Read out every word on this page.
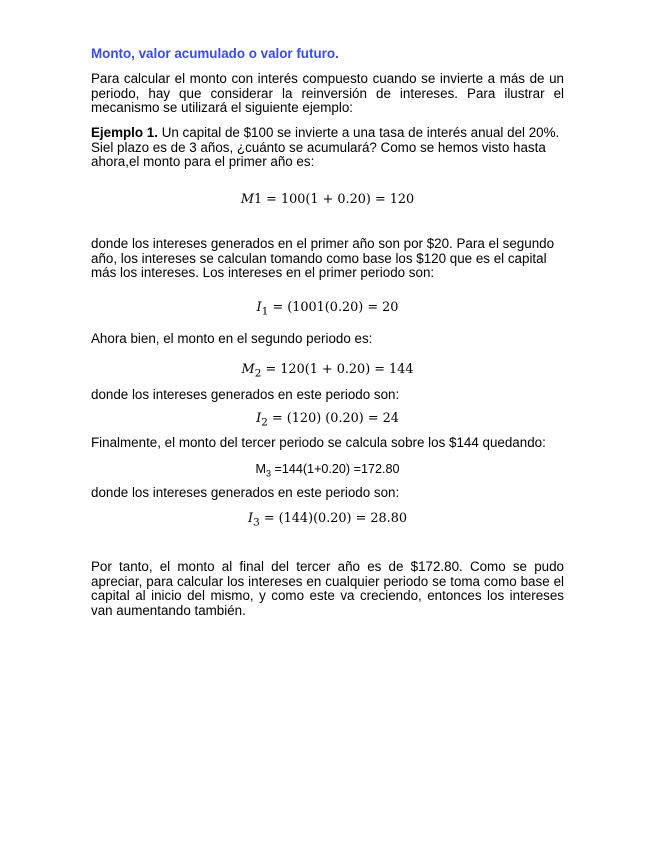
Monto, valor acumulado o valor futuro.

Para calcular el monto con interés compuesto cuando se invierte a más de un periodo, hay que considerar la reinversión de intereses. Para ilustrar el mecanismo se utilizará el siguiente ejemplo:

Ejemplo 1. Un capital de $100 se invierte a una tasa de interés anual del 20%. Siel plazo es de 3 años, ¿cuánto se acumulará? Como se hemos visto hasta ahora,el monto para el primer año es:

M1 = 100(1 + 0.20) = 120

donde los intereses generados en el primer año son por $20. Para el segundo año, los intereses se calculan tomando como base los $120 que es el capital más los intereses. Los intereses en el primer periodo son:

$I_1 = (1001(0.20) = 20$

Ahora bien, el monto en el segundo periodo es:

$M_2 = 120(1 + 0.20) = 144$

donde los intereses generados en este periodo son:

$I_2 = (120) (0.20) = 24$

Finalmente, el monto del tercer periodo se calcula sobre los $144 quedando:

$M_3 =144(1+0.20) =172.80$

donde los intereses generados en este periodo son:

$I_3 = (144)(0.20) = 28.80$

Por tanto, el monto al final del tercer año es de $172.80. Como se pudo apreciar, para calcular los intereses en cualquier periodo se toma como base el capital al inicio del mismo, y como este va creciendo, entonces los intereses van aumentando también.
